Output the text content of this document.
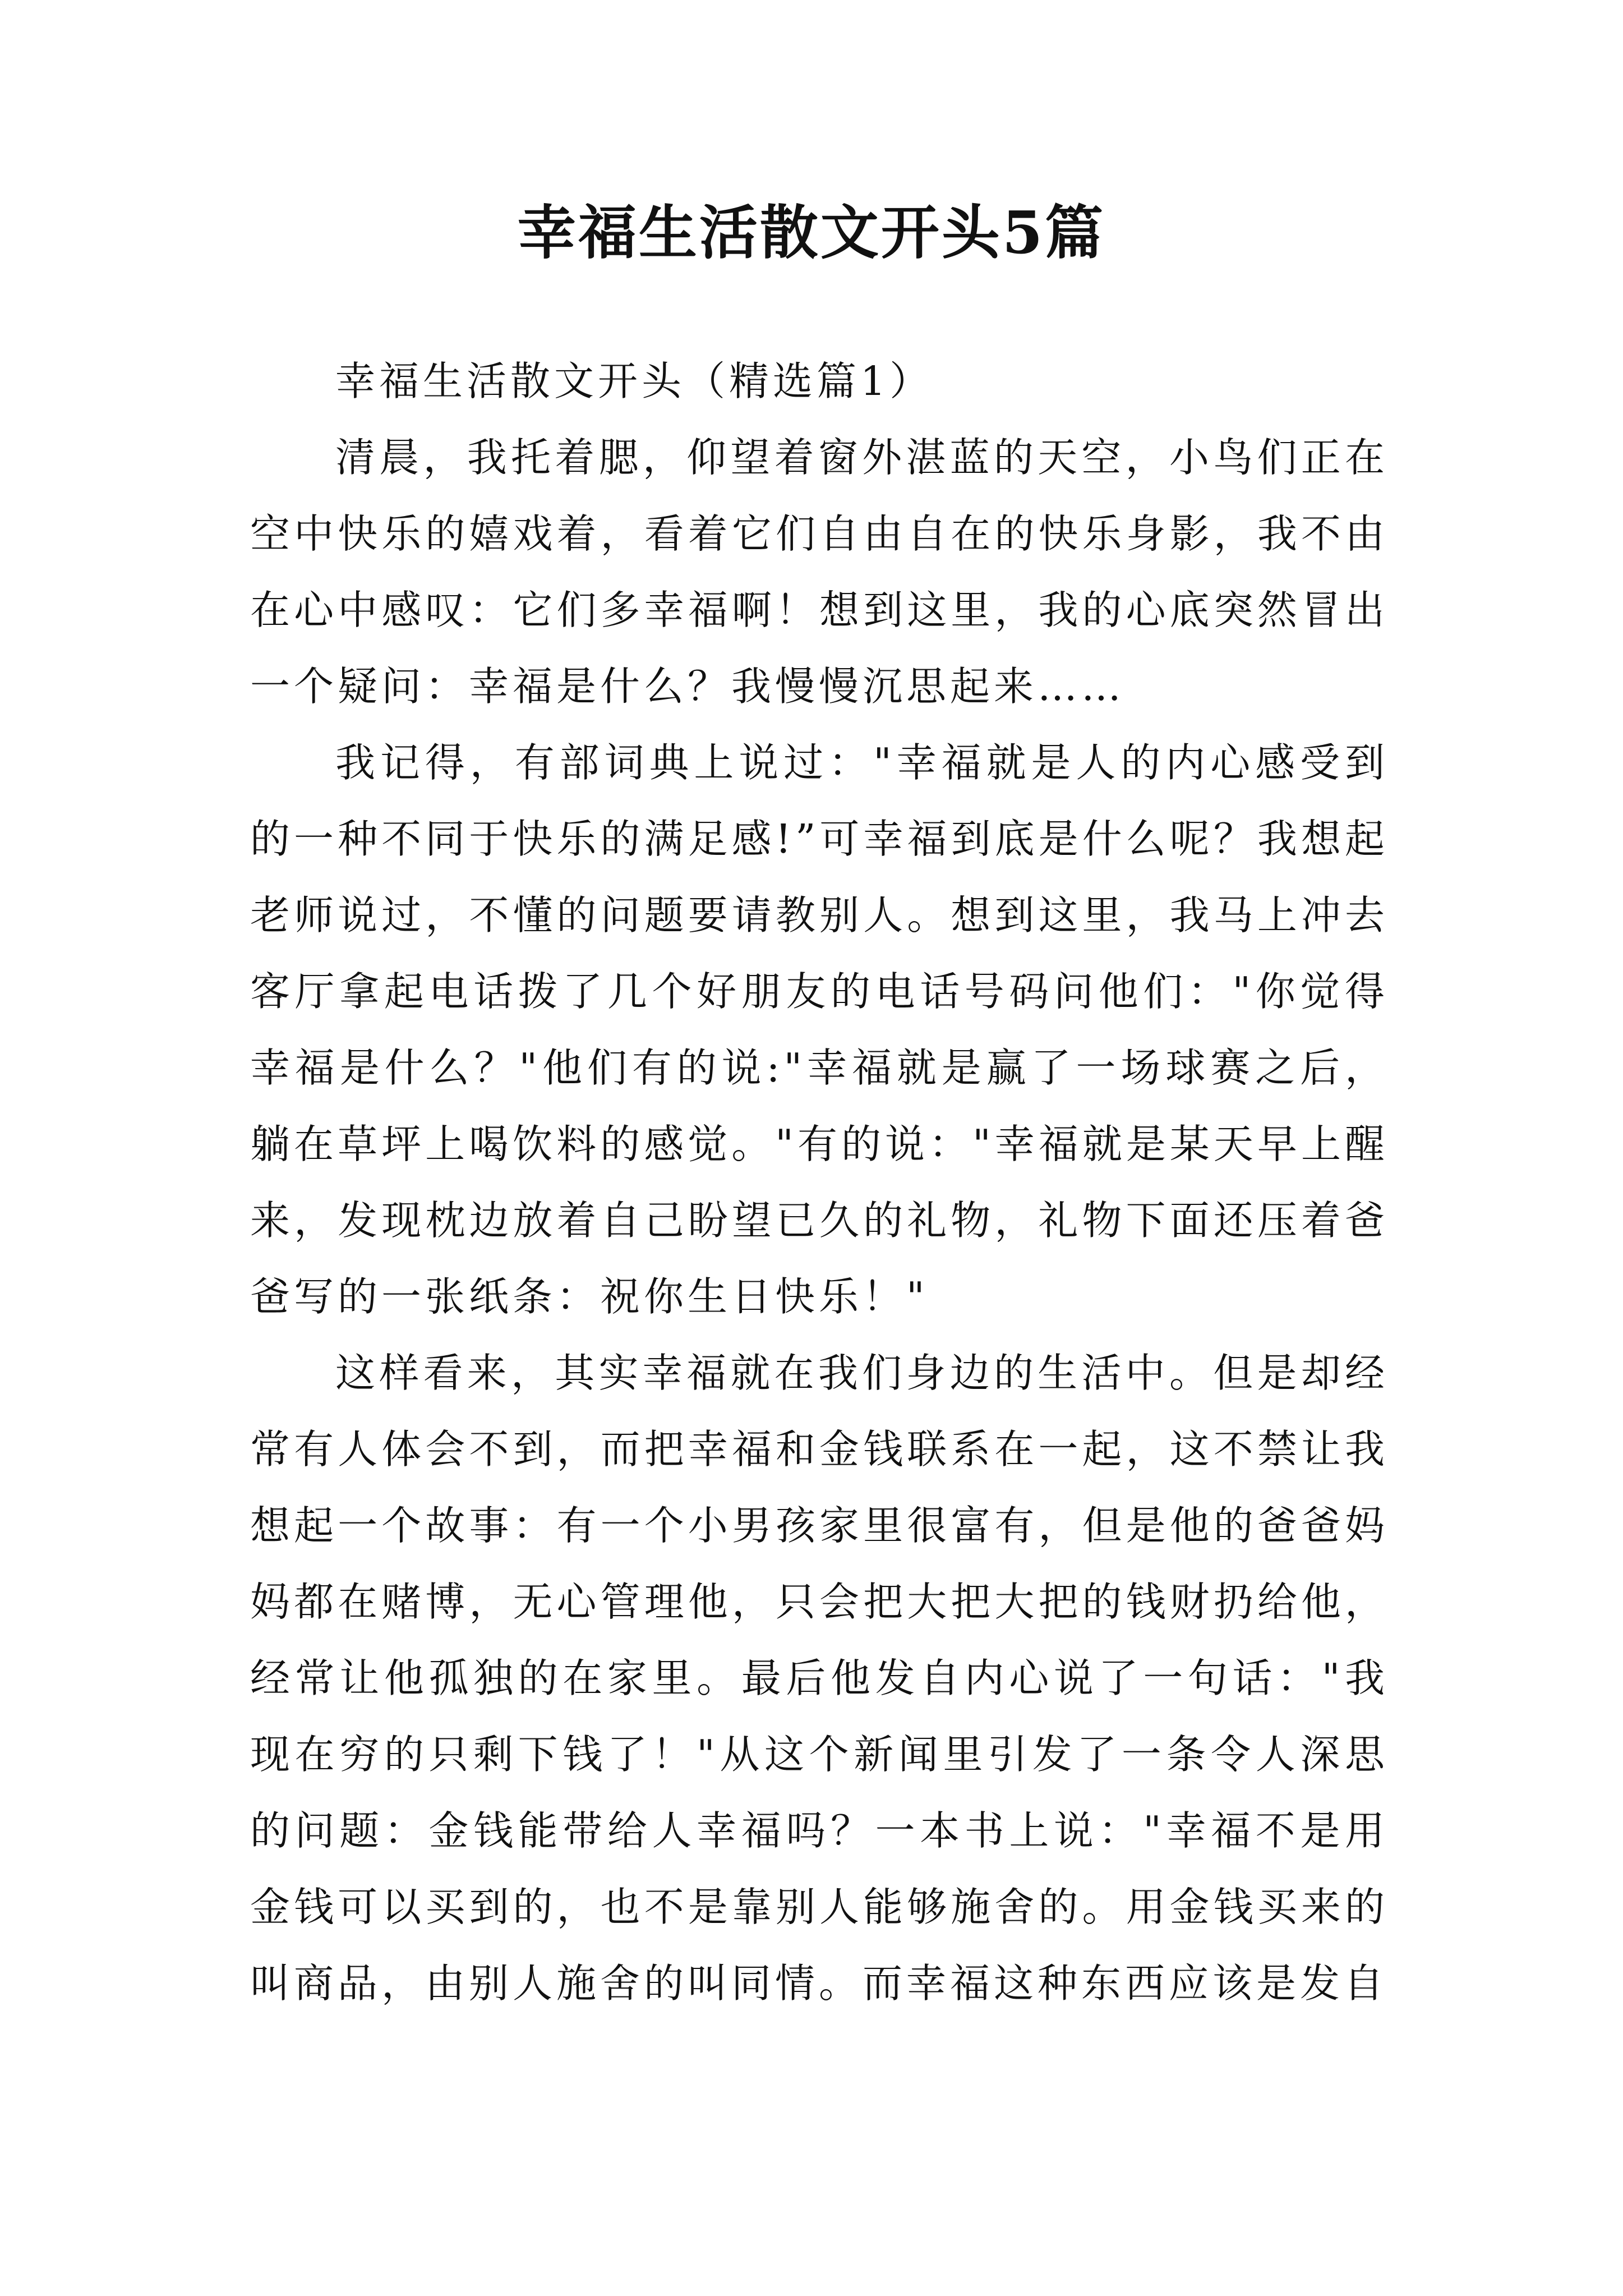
幸福生活散文开头5篇

幸福生活散文开头（精选篇1）

清晨，我托着腮，仰望着窗外湛蓝的天空，小鸟们正在空中快乐的嬉戏着，看着它们自由自在的快乐身影，我不由在心中感叹：它们多幸福啊！想到这里，我的心底突然冒出一个疑问：幸福是什么？我慢慢沉思起来……

我记得，有部词典上说过："幸福就是人的内心感受到的一种不同于快乐的满足感!”可幸福到底是什么呢？我想起老师说过，不懂的问题要请教别人。想到这里，我马上冲去客厅拿起电话拨了几个好朋友的电话号码问他们："你觉得幸福是什么？"他们有的说:"幸福就是赢了一场球赛之后，躺在草坪上喝饮料的感觉。"有的说："幸福就是某天早上醒来，发现枕边放着自己盼望已久的礼物，礼物下面还压着爸爸写的一张纸条：祝你生日快乐！"

这样看来，其实幸福就在我们身边的生活中。但是却经常有人体会不到，而把幸福和金钱联系在一起，这不禁让我想起一个故事：有一个小男孩家里很富有，但是他的爸爸妈妈都在赌博，无心管理他，只会把大把大把的钱财扔给他，经常让他孤独的在家里。最后他发自内心说了一句话："我现在穷的只剩下钱了！"从这个新闻里引发了一条令人深思的问题：金钱能带给人幸福吗？一本书上说："幸福不是用金钱可以买到的，也不是靠别人能够施舍的。用金钱买来的叫商品，由别人施舍的叫同情。而幸福这种东西应该是发自
